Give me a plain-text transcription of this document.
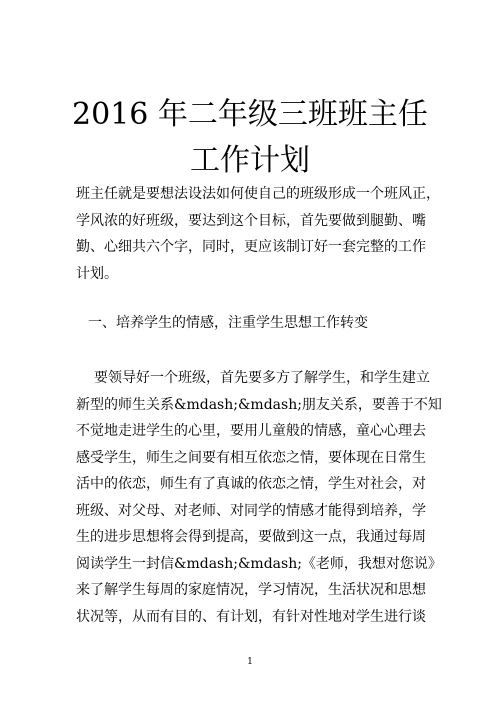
2016 年二年级三班班主任
工作计划
班主任就是要想法设法如何使自己的班级形成一个班风正，
学风浓的好班级，要达到这个目标，首先要做到腿勤、嘴
勤、心细共六个字，同时，更应该制订好一套完整的工作
计划。

一、培养学生的情感，注重学生思想工作转变

要领导好一个班级，首先要多方了解学生，和学生建立
新型的师生关系&mdash;&mdash;朋友关系，要善于不知
不觉地走进学生的心里，要用儿童般的情感，童心心理去
感受学生，师生之间要有相互依恋之情，要体现在日常生
活中的依恋，师生有了真诚的依恋之情，学生对社会，对
班级、对父母、对老师、对同学的情感才能得到培养，学
生的进步思想将会得到提高，要做到这一点，我通过每周
阅读学生一封信&mdash;&mdash;《老师，我想对您说》
来了解学生每周的家庭情况，学习情况，生活状况和思想
状况等，从而有目的、有计划，有针对性地对学生进行谈
1
